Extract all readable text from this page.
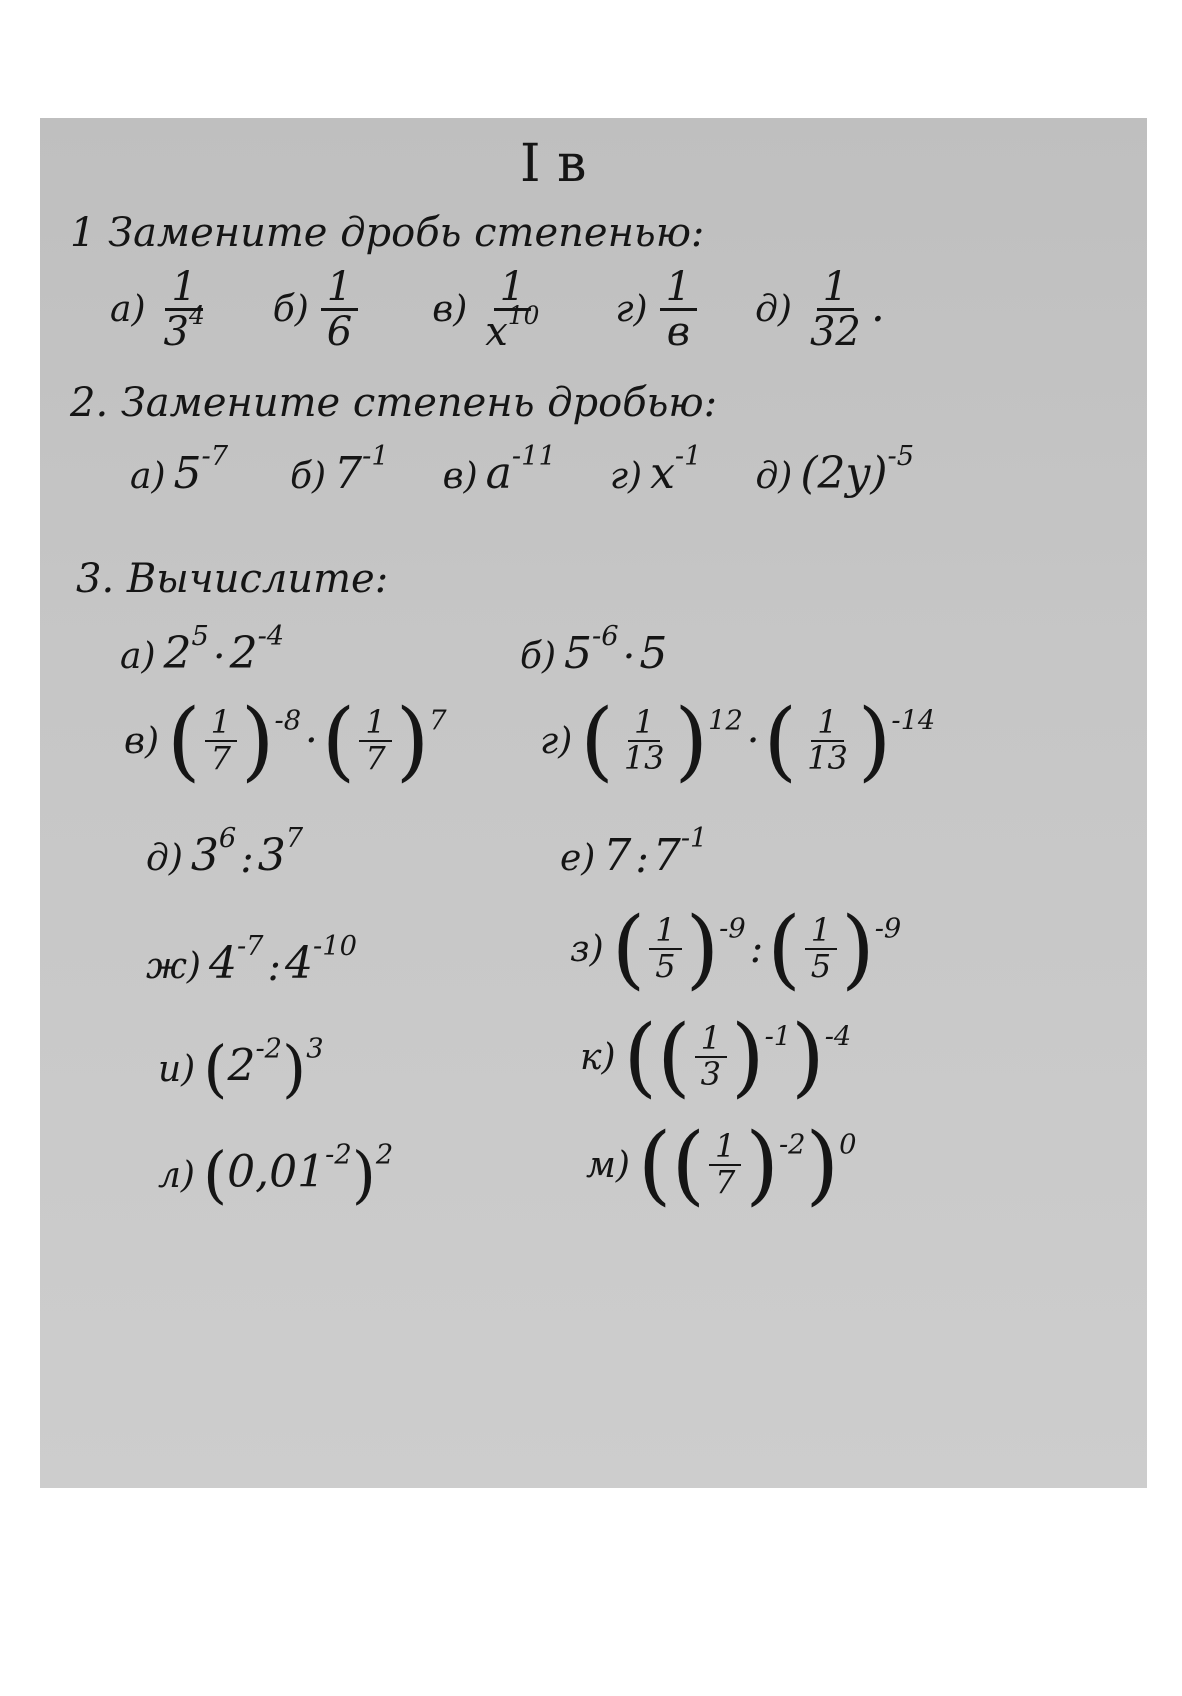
I в
1 Замените дробь степенью:
$а) \frac{1}{3^4} б) \frac{1}{6} в) \frac{1}{x^{10}} г) \frac{1}{в} д) \frac{1}{32}$ .
2. Замените степень дробью:
а) $5^{-7}$ б) $7^{-1}$ в) $a^{-11}$ г) $x^{-1}$ д) $(2y)^{-5}$
3. Вычислите:
а) $2^5 \cdot 2^{-4}$	б) $5^{-6} \cdot 5$
$в)( \frac{1}{7} )^{-8}$ ·( $\frac{1}{7} )^7$	$г)( \frac{1}{13} )^{12}$ ·( $\frac{1}{13} )^{-14}$
д) $3^6$ $:3^7$	е) 7 $:7^{-1}$
ж) $4^{-7}$ $:4^{-10}$	$з)( \frac{1}{5} )^{-9}$ :( $\frac{1}{5} )^{-9}$
и) $(2^{-2})^3$	$к)(( \frac{1}{3} )^{-1})^{-4}$
л) $(0,01^{-2})^2$	$м)(( \frac{1}{7} )^{-2})^0$
